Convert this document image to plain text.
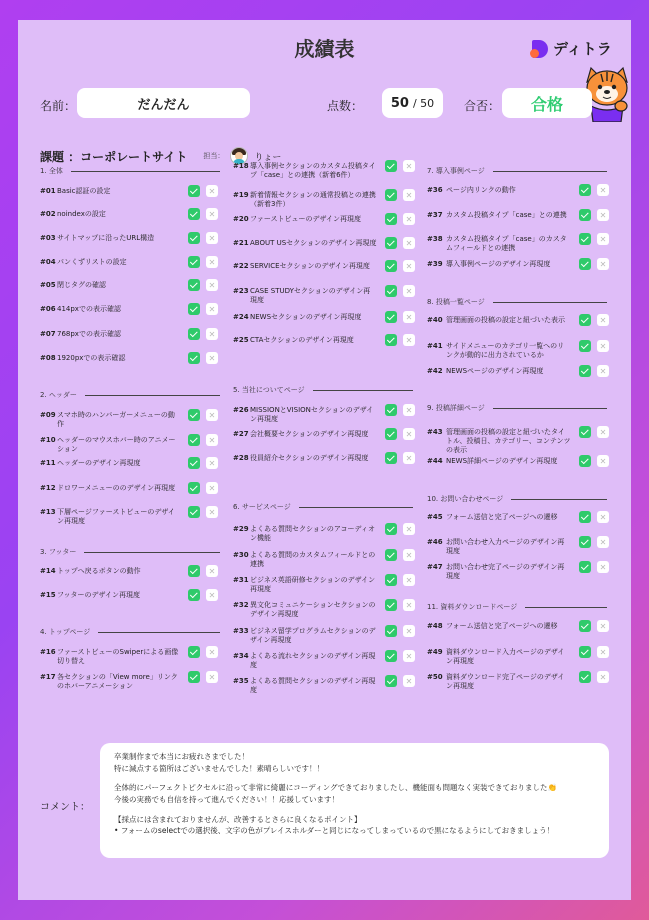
成績表	ディトラ
名前：	だんだん	点数： 50 / 50 合否：	合格
課題 ：コーポレートサイト 担当：	りょー
1. 全体
#01 Basic認証の設定	✕
#02 noindexの設定	✕
#03 サイトマップに沿ったURL構造	✕
#04 パンくずリストの設定	✕
#05 閉じタグの確認	✕
#06 414pxでの表示確認	✕
#07 768pxでの表示確認	✕
#08 1920pxでの表示確認	✕
2. ヘッダー
#09 スマホ時のハンバーガーメニューの動作
✕
#10 ヘッダーのマウスホバー時のアニメーション
✕
#11 ヘッダーのデザイン再現度	✕
#12 ドロワーメニューののデザイン再現度	✕
#13 下層ページファーストビューのデザイン再現度
✕
3. フッター
#14 トップへ戻るボタンの動作	✕
#15 フッターのデザイン再現度	✕
4. トップページ
#16 ファーストビューのSwiperによる画像切り替え
✕
#17 各セクションの「View more」リンクのホバーアニメーション
✕
#18 導入事例セクションのカスタム投稿タイプ「case」との連携（新着6件）
✕
#19 新着情報セクションの通常投稿との連携（新着3件）
✕
#20 ファーストビューのデザイン再現度	✕
#21 ABOUT USセクションのデザイン再現度	✕
#22 SERVICEセクションのデザイン再現度	✕
#23 CASE STUDYセクションのデザイン再現度
✕
#24 NEWSセクションのデザイン再現度	✕
#25 CTAセクションのデザイン再現度	✕
5. 当社についてページ
#26 MISSIONとVISIONセクションのデザイン再現度
✕
#27 会社概要セクションのデザイン再現度	✕
#28 役員紹介セクションのデザイン再現度	✕
6. サービスページ
#29 よくある質問セクションのアコーディオン機能
✕
#30 よくある質問のカスタムフィールドとの連携
✕
#31 ビジネス英語研修セクションのデザイン再現度
✕
#32 異文化コミュニケーションセクションのデザイン再現度
✕
#33 ビジネス留学プログラムセクションのデザイン再現度
✕
#34 よくある流れセクションのデザイン再現度
✕
#35 よくある質問セクションのデザイン再現度
✕
7. 導入事例ページ
#36 ページ内リンクの動作	✕
#37 カスタム投稿タイプ「case」との連携	✕
#38 カスタム投稿タイプ「case」のカスタムフィールドとの連携
✕
#39 導入事例ページのデザイン再現度	✕
8. 投稿一覧ページ
#40 管理画面の投稿の設定と紐づいた表示	✕
#41 サイドメニューのカテゴリ一覧へのリンクが動的に出力されているか
✕
#42 NEWSページのデザイン再現度	✕
9. 投稿詳細ページ
#43 管理画面の投稿の設定と紐づいたタイトル、投稿日、カテゴリー、コンテンツの表示
✕
#44 NEWS詳細ページのデザイン再現度	✕
10. お問い合わせページ
#45 フォーム送信と完了ページへの遷移	✕
#46 お問い合わせ入力ページのデザイン再現度
✕
#47 お問い合わせ完了ページのデザイン再現度
✕
11. 資料ダウンロードページ
#48 フォーム送信と完了ページへの遷移	✕
#49 資料ダウンロード入力ページのデザイン再現度
✕
#50 資料ダウンロード完了ページのデザイン再現度
✕
コメント：
卒業制作まで本当にお疲れさまでした！
特に減点する箇所はございませんでした！素晴らしいです！！
全体的にパーフェクトピクセルに沿って非常に綺麗にコーディングできておりましたし、機能面も問題なく実装できておりました👏
今後の実務でも自信を持って進んでください！！応援しています！
【採点には含まれておりませんが、改善するとさらに良くなるポイント】
• フォームのselectでの選択後、文字の色がプレイスホルダーと同じになってしまっているので黒になるようにしておきましょう！
